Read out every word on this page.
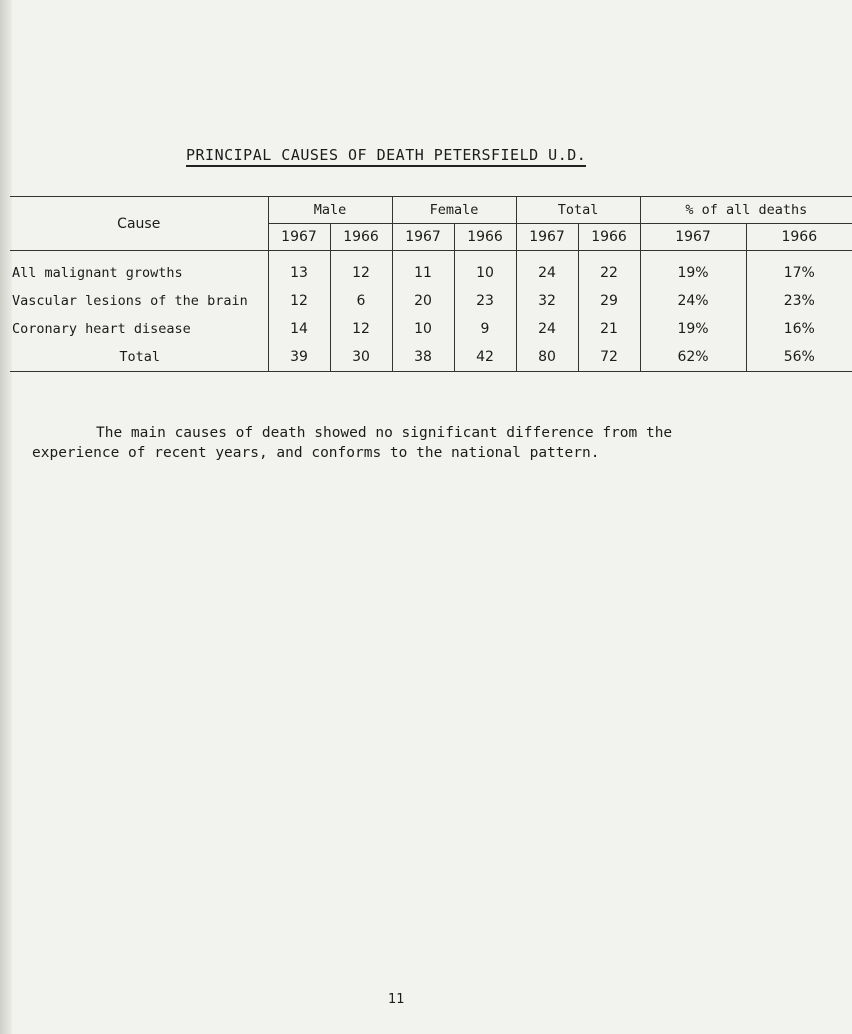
PRINCIPAL CAUSES OF DEATH PETERSFIELD U.D.
Cause	Male		Female		Total		% of all deaths	
	1967	1966	1967	1966	1967	1966	1967	1966
All malignant growths	13	12	11	10	24	22	19%	17%
Vascular lesions of the brain	12	6	20	23	32	29	24%	23%
Coronary heart disease	14	12	10	9	24	21	19%	16%
Total	39	30	38	42	80	72	62%	56%

The main causes of death showed no significant difference from the experience of recent years, and conforms to the national pattern.

11
